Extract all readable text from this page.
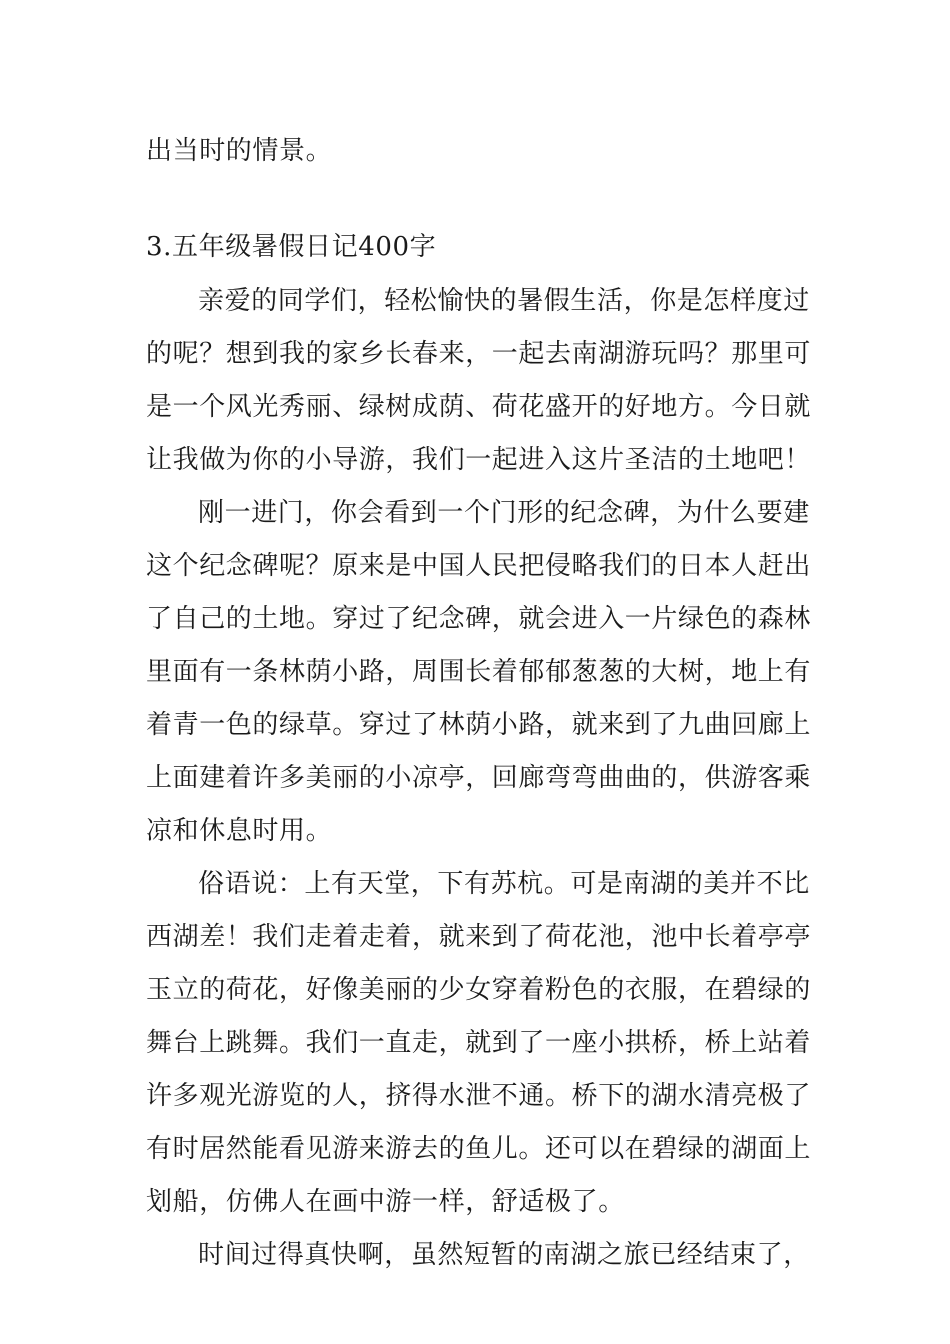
出当时的情景。
3.五年级暑假日记400字
亲爱的同学们，轻松愉快的暑假生活，你是怎样度过
的呢？想到我的家乡长春来，一起去南湖游玩吗？那里可
是一个风光秀丽、绿树成荫、荷花盛开的好地方。今日就
让我做为你的小导游，我们一起进入这片圣洁的土地吧！
刚一进门，你会看到一个门形的纪念碑，为什么要建
这个纪念碑呢？原来是中国人民把侵略我们的日本人赶出
了自己的土地。穿过了纪念碑，就会进入一片绿色的森林
里面有一条林荫小路，周围长着郁郁葱葱的大树，地上有
着青一色的绿草。穿过了林荫小路，就来到了九曲回廊上
上面建着许多美丽的小凉亭，回廊弯弯曲曲的，供游客乘
凉和休息时用。
俗语说：上有天堂，下有苏杭。可是南湖的美并不比
西湖差！我们走着走着，就来到了荷花池，池中长着亭亭
玉立的荷花，好像美丽的少女穿着粉色的衣服，在碧绿的
舞台上跳舞。我们一直走，就到了一座小拱桥，桥上站着
许多观光游览的人，挤得水泄不通。桥下的湖水清亮极了
有时居然能看见游来游去的鱼儿。还可以在碧绿的湖面上
划船，仿佛人在画中游一样，舒适极了。
时间过得真快啊，虽然短暂的南湖之旅已经结束了，
